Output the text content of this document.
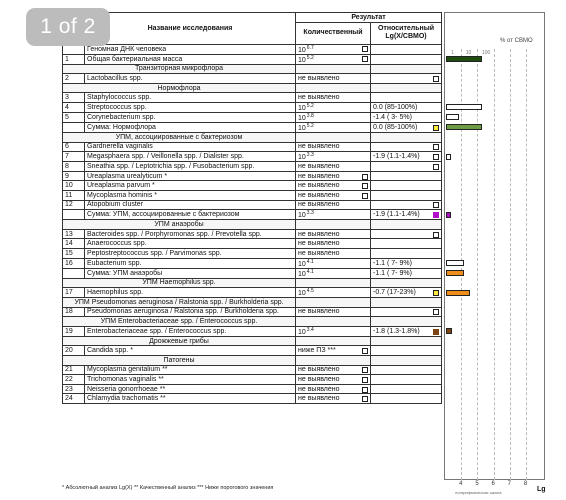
	Название исследования	Результат	
		Количественный	Относительный Lg(X/CBMO)
	Геномная ДНК человека	$10^{6.7}$

1	Общая бактериальная масса	$10^{5.2}$

Транзиторная микрофлора			
2	Lactobacillus spp.	не выявлено	

Нормофлора			
3	Staphylococcus spp.	не выявлено	
4	Streptococcus spp.	$10^{5.2}$	0.0 (85-100%)
5	Corynebacterium spp.	$10^{3.8}$	-1.4 ( 3- 5%)
	Сумма: Нормофлора	$10^{5.2}$	0.0 (85-100%)

УПМ, ассоциированные с бактериозом			
6	Gardnerella vaginalis	не выявлено	

7	Megasphaera spp. / Veillonella spp. / Dialister spp.	$10^{3.3}$	-1.9 (1.1-1.4%)

8	Sneathia spp. / Leptotrichia spp. / Fusobacterium spp.	не выявлено	

9	Ureaplasma urealyticum *	не выявлено

10	Ureaplasma parvum *	не выявлено

11	Mycoplasma hominis *	не выявлено

12	Atopobium cluster	не выявлено	

	Сумма: УПМ, ассоциированные с бактериозом	$10^{3.3}$	-1.9 (1.1-1.4%)

УПМ анаэробы			
13	Bacteroides spp. / Porphyromonas spp. / Prevotella spp.	не выявлено	

14	Anaerococcus spp.	не выявлено	
15	Peptostreptococcus spp. / Parvimonas spp.	не выявлено	
16	Eubacterium spp.	$10^{4.1}$	-1.1 ( 7- 9%)
	Сумма: УПМ анаэробы	$10^{4.1}$	-1.1 ( 7- 9%)
УПМ Haemophilus spp.			
17	Haemophilus spp.	$10^{4.5}$	-0.7 (17-23%)

УПМ Pseudomonas aeruginosa / Ralstonia spp. / Burkholderia spp.			
18	Pseudomonas aeruginosa / Ralstonia spp. / Burkholderia spp.	не выявлено	

УПМ Enterobacteriaceae spp. / Enterococcus spp.			
19	Enterobacteriaceae spp. / Enterococcus spp.	$10^{3.4}$	-1.8 (1.3-1.8%)

Дрожжевые грибы			
20	Candida spp. *	ниже ПЗ ***

Патогены			
21	Mycoplasma genitalium **	не выявлено

22	Trichomonas vaginalis **	не выявлено

23	Neisseria gonorrhoeae **	не выявлено

24	Chlamydia trachomatis **	не выявлено

1 of 2
% от СВМО
1 10 100
4 5 6 7 8
Lg
логарифмическая шкала
* Абсолютный анализ Lg(X) ** Качественный анализ *** Ниже порогового значения
